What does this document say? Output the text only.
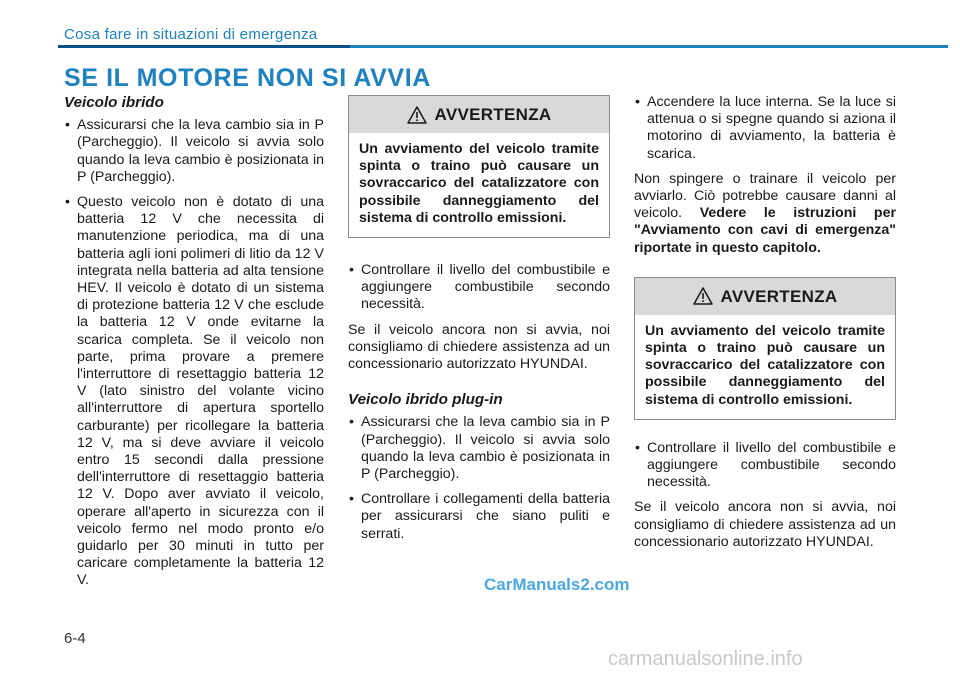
Cosa fare in situazioni di emergenza
SE IL MOTORE NON SI AVVIA
Veicolo ibrido
• Assicurarsi che la leva cambio sia in P (Parcheggio). Il veicolo si avvia solo quando la leva cambio è posizionata in P (Parcheggio).
• Questo veicolo non è dotato di una batteria 12 V che necessita di manutenzione periodica, ma di una batteria agli ioni polimeri di litio da 12 V integrata nella batteria ad alta tensione HEV. Il veicolo è dotato di un sistema di protezione batteria 12 V che esclude la batteria 12 V onde evitarne la scarica completa. Se il veicolo non parte, prima provare a premere l'interruttore di resettaggio batteria 12 V (lato sinistro del volante vicino all'interruttore di apertura sportello carburante) per ricollegare la batteria 12 V, ma si deve avviare il veicolo entro 15 secondi dalla pressione dell'interruttore di resettaggio batteria 12 V. Dopo aver avviato il veicolo, operare all'aperto in sicurezza con il veicolo fermo nel modo pronto e/o guidarlo per 30 minuti in tutto per caricare completamente la batteria 12 V.
AVVERTENZA
Un avviamento del veicolo tramite spinta o traino può causare un sovraccarico del catalizzatore con possibile danneggiamento del sistema di controllo emissioni.
• Controllare il livello del combustibile e aggiungere combustibile secondo necessità.

Se il veicolo ancora non si avvia, noi consigliamo di chiedere assistenza ad un concessionario autorizzato HYUNDAI.

Veicolo ibrido plug-in
• Assicurarsi che la leva cambio sia in P (Parcheggio). Il veicolo si avvia solo quando la leva cambio è posizionata in P (Parcheggio).
• Controllare i collegamenti della batteria per assicurarsi che siano puliti e serrati.
• Accendere la luce interna. Se la luce si attenua o si spegne quando si aziona il motorino di avviamento, la batteria è scarica.

Non spingere o trainare il veicolo per avviarlo. Ciò potrebbe causare danni al veicolo. Vedere le istruzioni per "Avviamento con cavi di emergenza" riportate in questo capitolo.

AVVERTENZA
Un avviamento del veicolo tramite spinta o traino può causare un sovraccarico del catalizzatore con possibile danneggiamento del sistema di controllo emissioni.
• Controllare il livello del combustibile e aggiungere combustibile secondo necessità.

Se il veicolo ancora non si avvia, noi consigliamo di chiedere assistenza ad un concessionario autorizzato HYUNDAI.

6-4
CarManuals2.com
carmanualsonline.info
